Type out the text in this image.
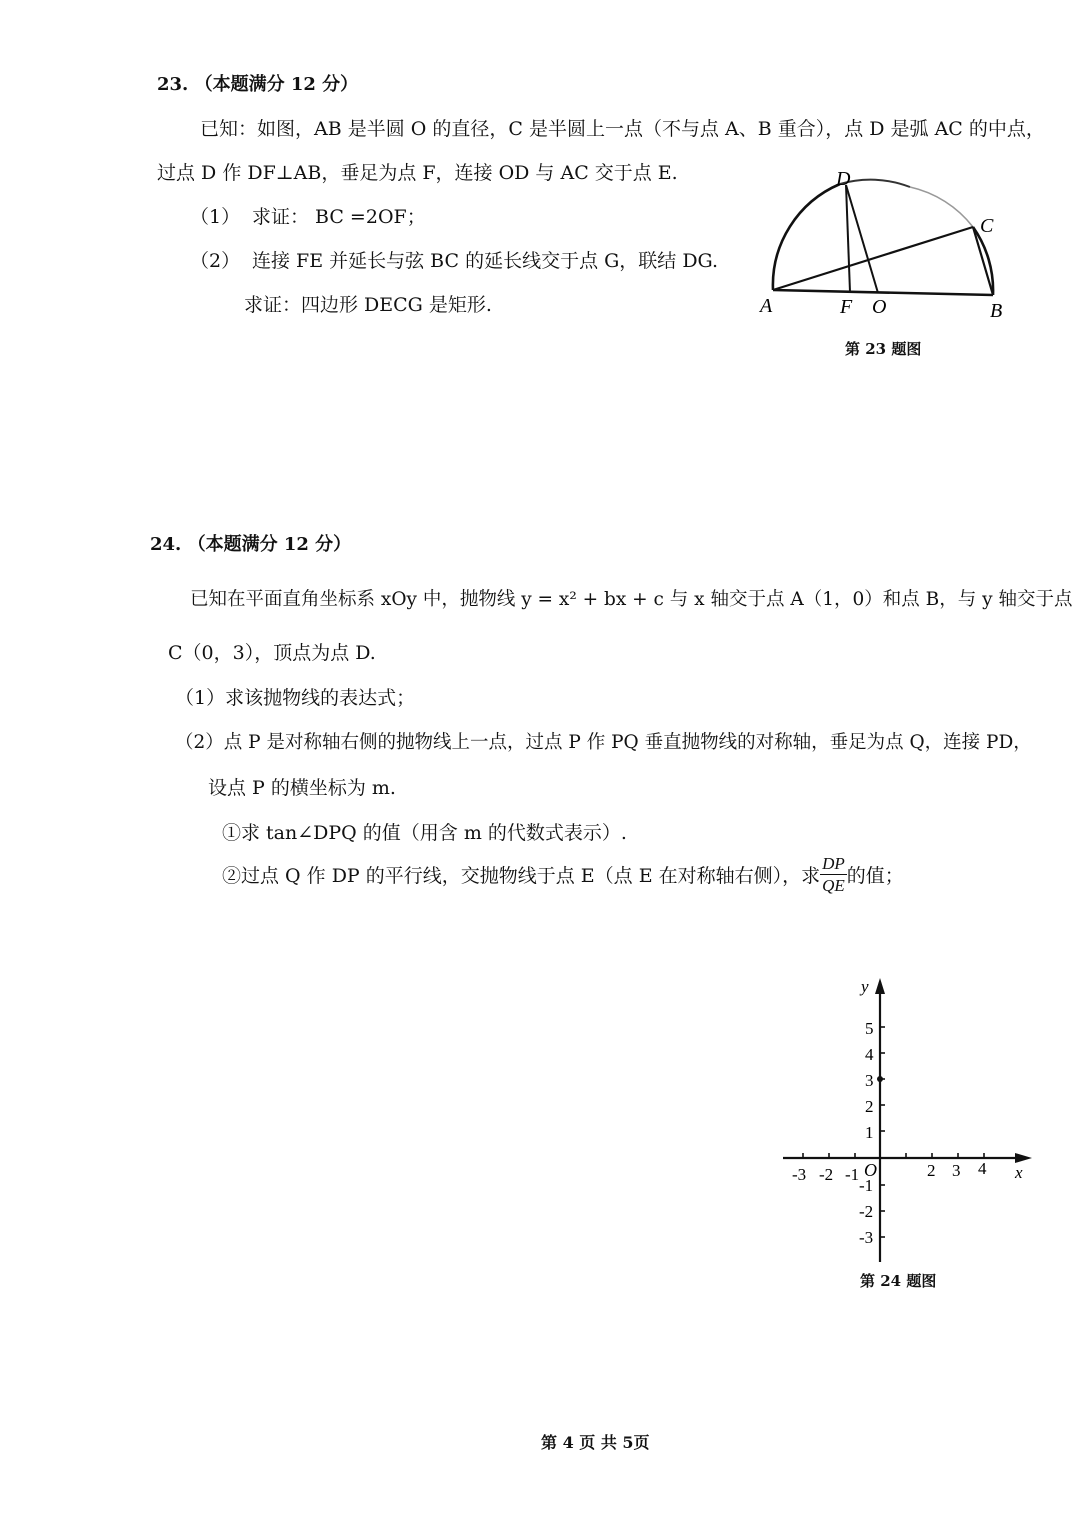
23. （本题满分 12 分）
已知：如图，AB 是半圆 O 的直径，C 是半圆上一点（不与点 A、B 重合），点 D 是弧 AC 的中点，
过点 D 作 DF⊥AB，垂足为点 F，连接 OD 与 AC 交于点 E.
（1） 求证： BC =2OF；
（2） 连接 FE 并延长与弦 BC 的延长线交于点 G，联结 DG.
求证：四边形 DECG 是矩形.
D
C
A	F O	B
第 23 题图
24. （本题满分 12 分）
已知在平面直角坐标系 xOy 中，抛物线 y = x² + bx + c 与 x 轴交于点 A（1，0）和点 B，与 y 轴交于点
C（0，3），顶点为点 D.
（1）求该抛物线的表达式；
（2）点 P 是对称轴右侧的抛物线上一点，过点 P 作 PQ 垂直抛物线的对称轴，垂足为点 Q，连接 PD，
设点 P 的横坐标为 m.
①求 tan∠DPQ 的值（用含 m 的代数式表示）.
②过点 Q 作 DP 的平行线，交抛物线于点 E（点 E 在对称轴右侧），求 $\frac{DP}{QE}$ 的值；
y
x
O
5
4
3
2
1
-1
-2
-3
-3 -2 -1	2 3 4
第 24 题图
第 4 页 共 5页
